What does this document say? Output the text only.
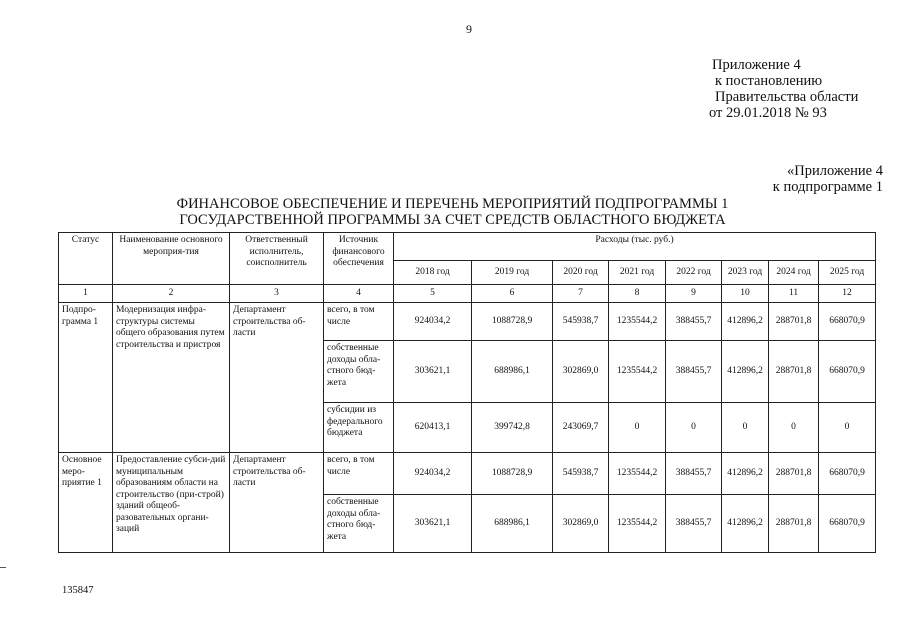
9
Приложение 4
к постановлению
Правительства области
от 29.01.2018 № 93
«Приложение 4
к подпрограмме 1
ФИНАНСОВОЕ ОБЕСПЕЧЕНИЕ И ПЕРЕЧЕНЬ МЕРОПРИЯТИЙ ПОДПРОГРАММЫ 1
ГОСУДАРСТВЕННОЙ ПРОГРАММЫ ЗА СЧЕТ СРЕДСТВ ОБЛАСТНОГО БЮДЖЕТА
Статус	Наименование основного мероприя-тия	Ответственный исполнитель, соисполнитель	Источник финансового обеспечения	Расходы (тыс. руб.)							
				2018 год	2019 год	2020 год	2021 год	2022 год	2023 год	2024 год	2025 год
1	2	3	4	5	6	7	8	9	10	11	12
Подпро-грамма 1	Модернизация инфра-структуры системы общего образования путем строительства и пристроя	Департамент строительства об-ласти	всего, в том числе	924034,2	1088728,9	545938,7	1235544,2	388455,7	412896,2	288701,8	668070,9
			собственные доходы обла-стного бюд-жета	303621,1	688986,1	302869,0	1235544,2	388455,7	412896,2	288701,8	668070,9
			субсидии из федерального бюджета	620413,1	399742,8	243069,7	0	0	0	0	0
Основное меро-приятие 1	Предоставление субси-дий муниципальным образованиям области на строительство (при-строй) зданий общеоб-разовательных органи-заций	Департамент строительства об-ласти	всего, в том числе	924034,2	1088728,9	545938,7	1235544,2	388455,7	412896,2	288701,8	668070,9
			собственные доходы обла-стного бюд-жета	303621,1	688986,1	302869,0	1235544,2	388455,7	412896,2	288701,8	668070,9
135847
